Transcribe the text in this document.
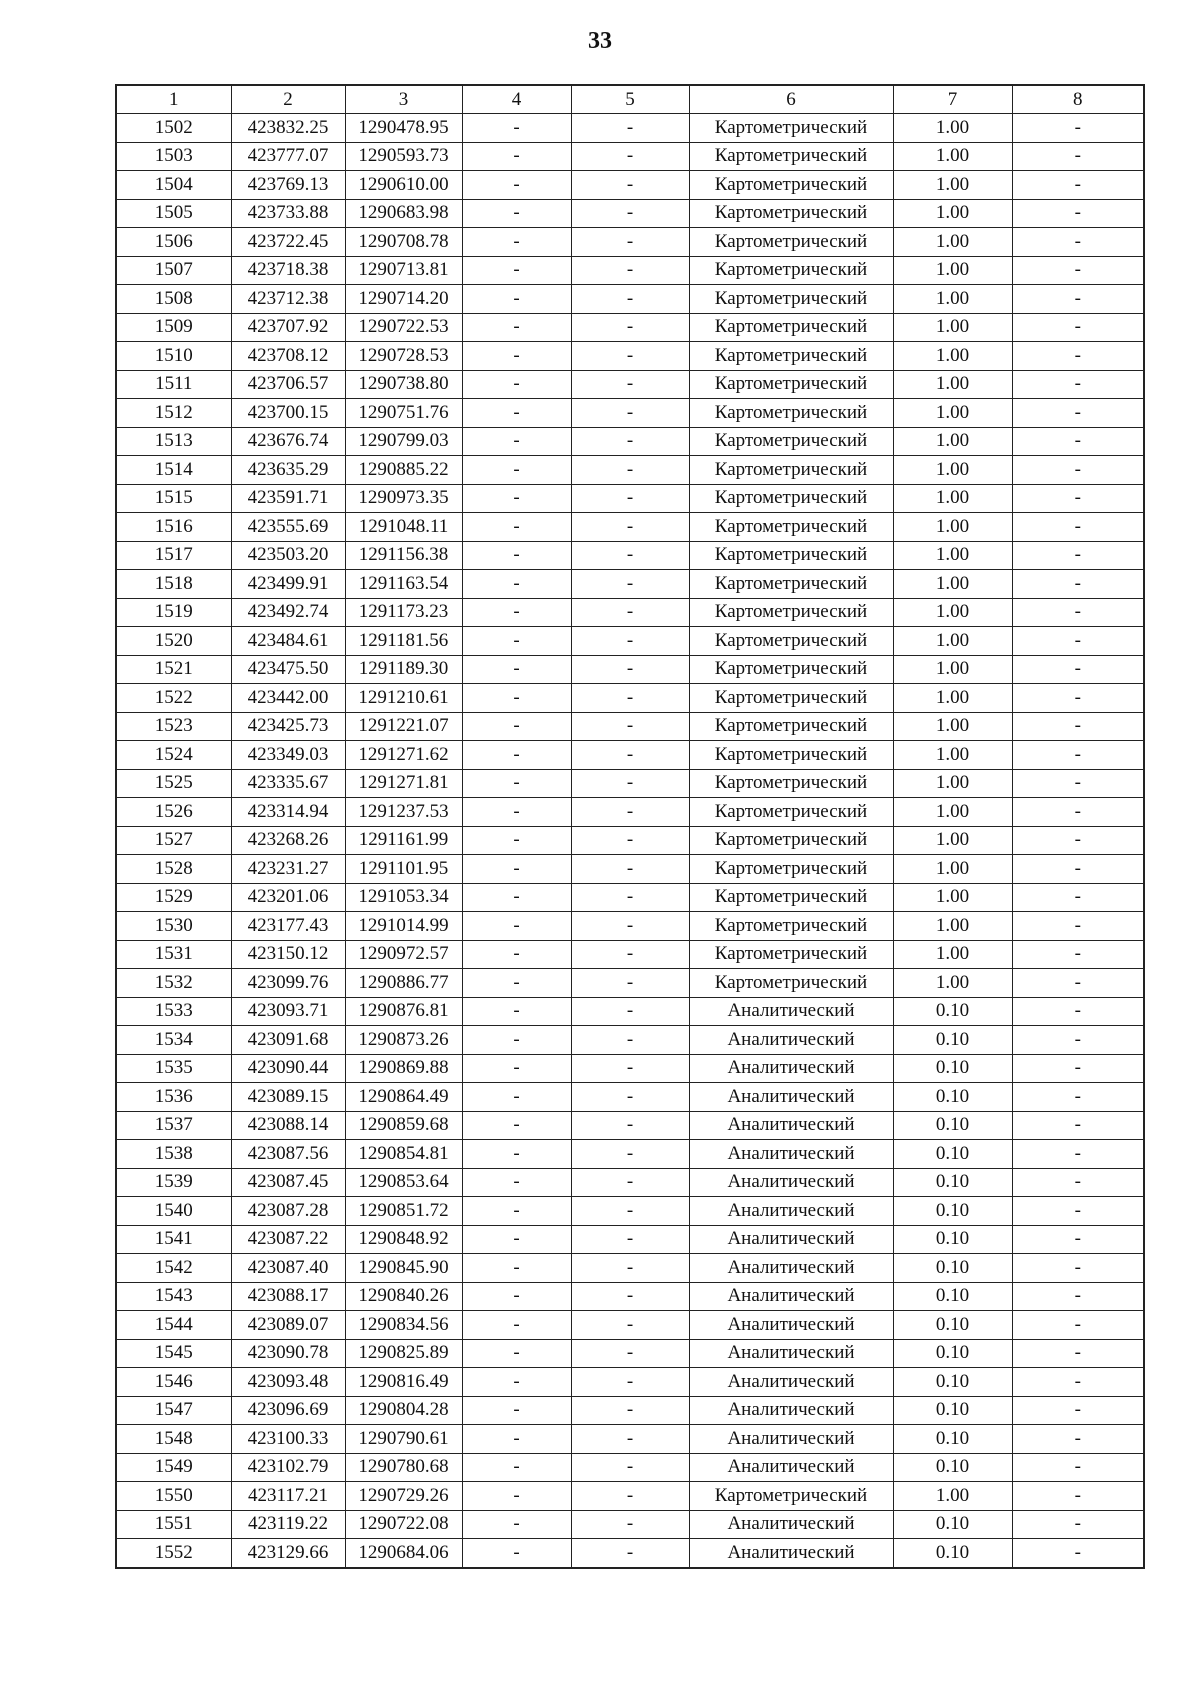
33
1	2	3	4	5	6	7	8
1502	423832.25	1290478.95	-	-	Картометрический	1.00	-
1503	423777.07	1290593.73	-	-	Картометрический	1.00	-
1504	423769.13	1290610.00	-	-	Картометрический	1.00	-
1505	423733.88	1290683.98	-	-	Картометрический	1.00	-
1506	423722.45	1290708.78	-	-	Картометрический	1.00	-
1507	423718.38	1290713.81	-	-	Картометрический	1.00	-
1508	423712.38	1290714.20	-	-	Картометрический	1.00	-
1509	423707.92	1290722.53	-	-	Картометрический	1.00	-
1510	423708.12	1290728.53	-	-	Картометрический	1.00	-
1511	423706.57	1290738.80	-	-	Картометрический	1.00	-
1512	423700.15	1290751.76	-	-	Картометрический	1.00	-
1513	423676.74	1290799.03	-	-	Картометрический	1.00	-
1514	423635.29	1290885.22	-	-	Картометрический	1.00	-
1515	423591.71	1290973.35	-	-	Картометрический	1.00	-
1516	423555.69	1291048.11	-	-	Картометрический	1.00	-
1517	423503.20	1291156.38	-	-	Картометрический	1.00	-
1518	423499.91	1291163.54	-	-	Картометрический	1.00	-
1519	423492.74	1291173.23	-	-	Картометрический	1.00	-
1520	423484.61	1291181.56	-	-	Картометрический	1.00	-
1521	423475.50	1291189.30	-	-	Картометрический	1.00	-
1522	423442.00	1291210.61	-	-	Картометрический	1.00	-
1523	423425.73	1291221.07	-	-	Картометрический	1.00	-
1524	423349.03	1291271.62	-	-	Картометрический	1.00	-
1525	423335.67	1291271.81	-	-	Картометрический	1.00	-
1526	423314.94	1291237.53	-	-	Картометрический	1.00	-
1527	423268.26	1291161.99	-	-	Картометрический	1.00	-
1528	423231.27	1291101.95	-	-	Картометрический	1.00	-
1529	423201.06	1291053.34	-	-	Картометрический	1.00	-
1530	423177.43	1291014.99	-	-	Картометрический	1.00	-
1531	423150.12	1290972.57	-	-	Картометрический	1.00	-
1532	423099.76	1290886.77	-	-	Картометрический	1.00	-
1533	423093.71	1290876.81	-	-	Аналитический	0.10	-
1534	423091.68	1290873.26	-	-	Аналитический	0.10	-
1535	423090.44	1290869.88	-	-	Аналитический	0.10	-
1536	423089.15	1290864.49	-	-	Аналитический	0.10	-
1537	423088.14	1290859.68	-	-	Аналитический	0.10	-
1538	423087.56	1290854.81	-	-	Аналитический	0.10	-
1539	423087.45	1290853.64	-	-	Аналитический	0.10	-
1540	423087.28	1290851.72	-	-	Аналитический	0.10	-
1541	423087.22	1290848.92	-	-	Аналитический	0.10	-
1542	423087.40	1290845.90	-	-	Аналитический	0.10	-
1543	423088.17	1290840.26	-	-	Аналитический	0.10	-
1544	423089.07	1290834.56	-	-	Аналитический	0.10	-
1545	423090.78	1290825.89	-	-	Аналитический	0.10	-
1546	423093.48	1290816.49	-	-	Аналитический	0.10	-
1547	423096.69	1290804.28	-	-	Аналитический	0.10	-
1548	423100.33	1290790.61	-	-	Аналитический	0.10	-
1549	423102.79	1290780.68	-	-	Аналитический	0.10	-
1550	423117.21	1290729.26	-	-	Картометрический	1.00	-
1551	423119.22	1290722.08	-	-	Аналитический	0.10	-
1552	423129.66	1290684.06	-	-	Аналитический	0.10	-
